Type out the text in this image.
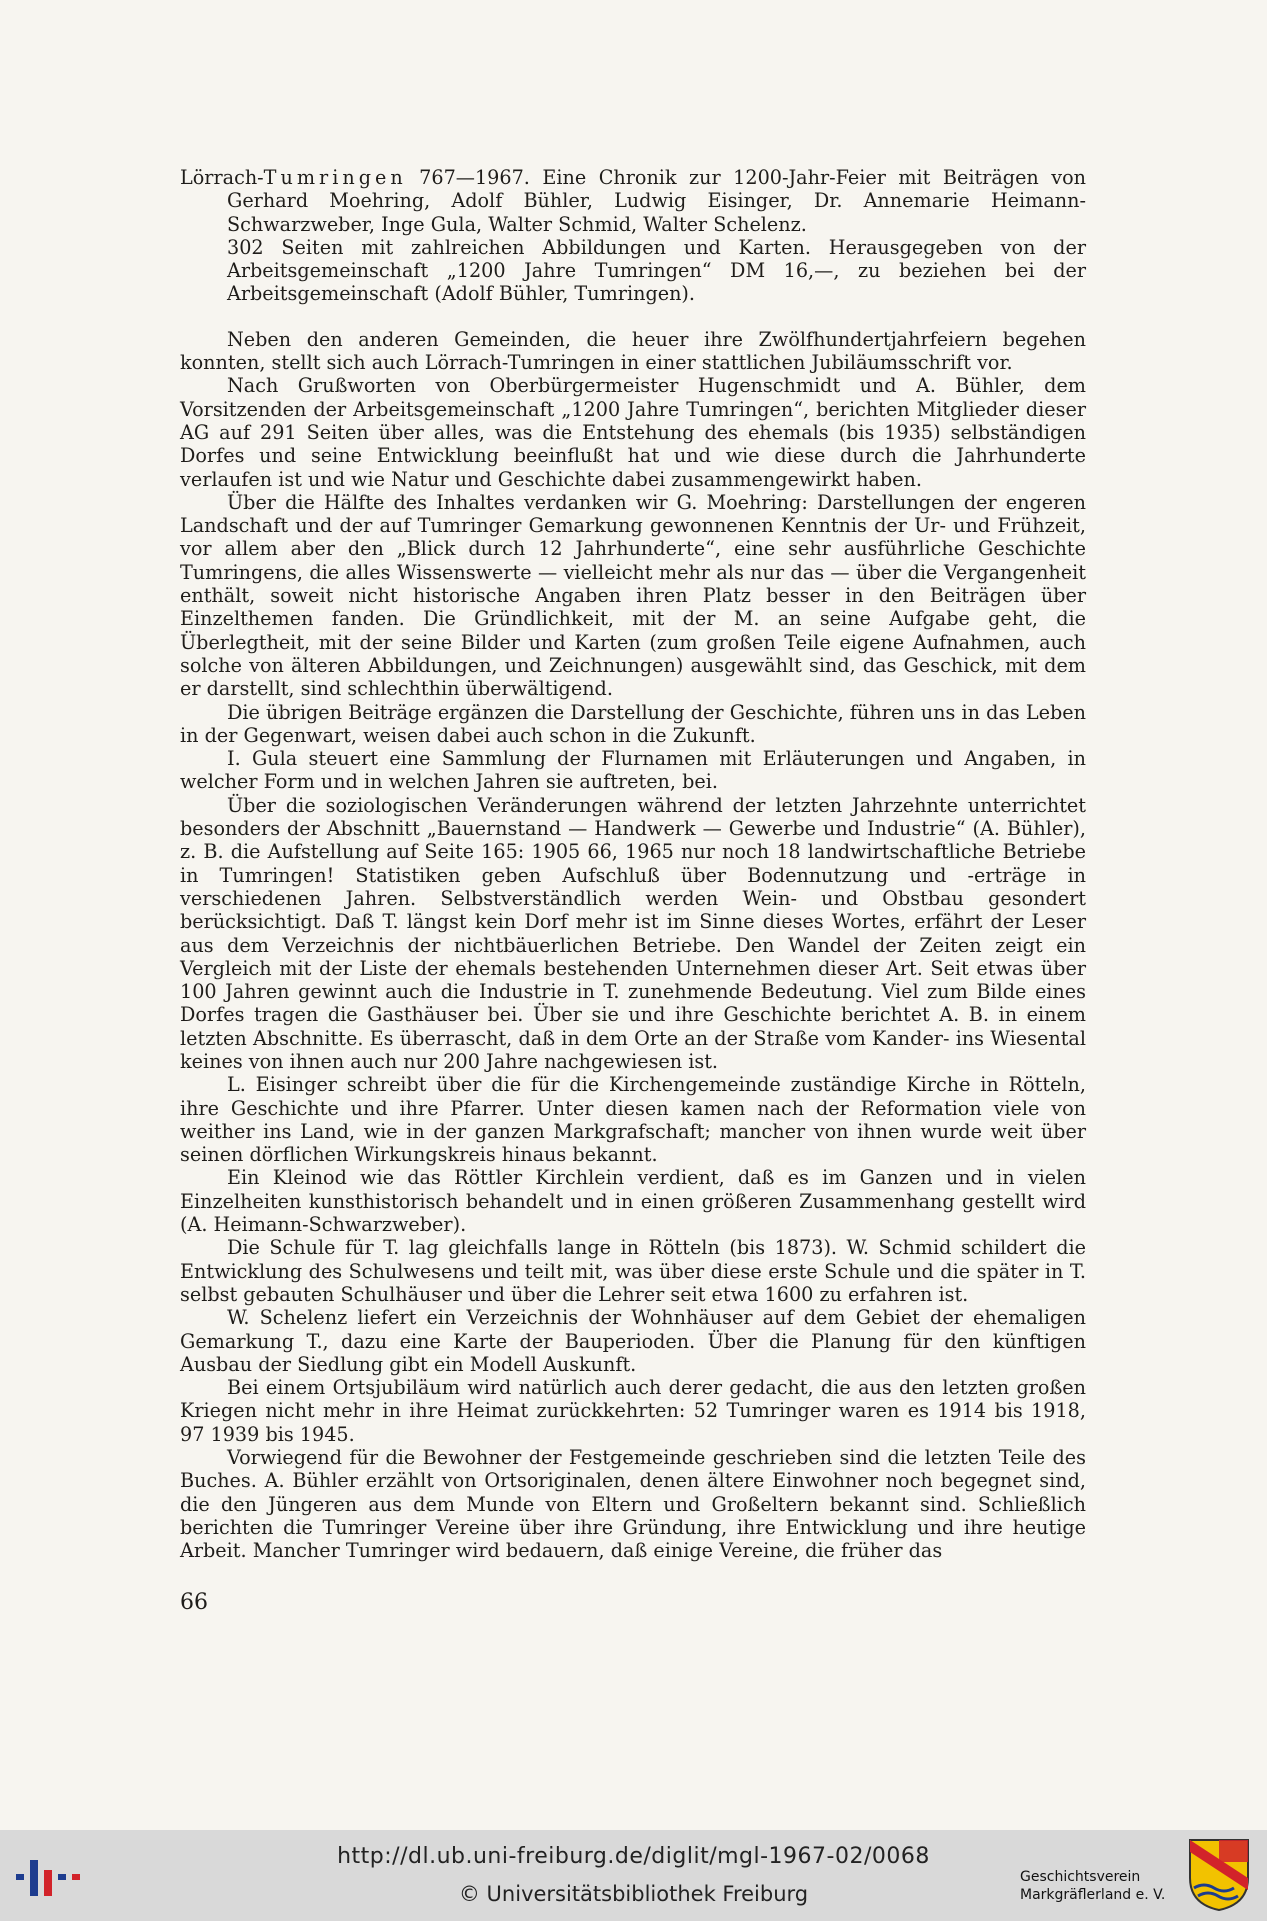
Lörrach-Tumringen 767—1967. Eine Chronik zur 1200-Jahr-Feier mit Beiträgen von Gerhard Moehring, Adolf Bühler, Ludwig Eisinger, Dr. Annemarie Heimann-Schwarzweber, Inge Gula, Walter Schmid, Walter Schelenz.

302 Seiten mit zahlreichen Abbildungen und Karten. Herausgegeben von der Arbeitsgemeinschaft „1200 Jahre Tumringen“ DM 16,—, zu beziehen bei der Arbeitsgemeinschaft (Adolf Bühler, Tumringen).

Neben den anderen Gemeinden, die heuer ihre Zwölfhundertjahrfeiern begehen konnten, stellt sich auch Lörrach-Tumringen in einer stattlichen Jubiläumsschrift vor.

Nach Grußworten von Oberbürgermeister Hugenschmidt und A. Bühler, dem Vorsitzenden der Arbeitsgemeinschaft „1200 Jahre Tumringen“, berichten Mitglieder dieser AG auf 291 Seiten über alles, was die Entstehung des ehemals (bis 1935) selbständigen Dorfes und seine Entwicklung beeinflußt hat und wie diese durch die Jahrhunderte verlaufen ist und wie Natur und Geschichte dabei zusammengewirkt haben.

Über die Hälfte des Inhaltes verdanken wir G. Moehring: Darstellungen der engeren Landschaft und der auf Tumringer Gemarkung gewonnenen Kenntnis der Ur- und Frühzeit, vor allem aber den „Blick durch 12 Jahrhunderte“, eine sehr ausführliche Geschichte Tumringens, die alles Wissenswerte — vielleicht mehr als nur das — über die Vergangenheit enthält, soweit nicht historische Angaben ihren Platz besser in den Beiträgen über Einzelthemen fanden. Die Gründlichkeit, mit der M. an seine Aufgabe geht, die Überlegtheit, mit der seine Bilder und Karten (zum großen Teile eigene Aufnahmen, auch solche von älteren Abbildungen, und Zeichnungen) ausgewählt sind, das Geschick, mit dem er darstellt, sind schlechthin überwältigend.

Die übrigen Beiträge ergänzen die Darstellung der Geschichte, führen uns in das Leben in der Gegenwart, weisen dabei auch schon in die Zukunft.

I. Gula steuert eine Sammlung der Flurnamen mit Erläuterungen und Angaben, in welcher Form und in welchen Jahren sie auftreten, bei.

Über die soziologischen Veränderungen während der letzten Jahrzehnte unterrichtet besonders der Abschnitt „Bauernstand — Handwerk — Gewerbe und Industrie“ (A. Bühler), z. B. die Aufstellung auf Seite 165: 1905 66, 1965 nur noch 18 landwirtschaftliche Betriebe in Tumringen! Statistiken geben Aufschluß über Bodennutzung und -erträge in verschiedenen Jahren. Selbstverständlich werden Wein- und Obstbau gesondert berücksichtigt. Daß T. längst kein Dorf mehr ist im Sinne dieses Wortes, erfährt der Leser aus dem Verzeichnis der nichtbäuerlichen Betriebe. Den Wandel der Zeiten zeigt ein Vergleich mit der Liste der ehemals bestehenden Unternehmen dieser Art. Seit etwas über 100 Jahren gewinnt auch die Industrie in T. zunehmende Bedeutung. Viel zum Bilde eines Dorfes tragen die Gasthäuser bei. Über sie und ihre Geschichte berichtet A. B. in einem letzten Abschnitte. Es überrascht, daß in dem Orte an der Straße vom Kander- ins Wiesental keines von ihnen auch nur 200 Jahre nachgewiesen ist.

L. Eisinger schreibt über die für die Kirchengemeinde zuständige Kirche in Rötteln, ihre Geschichte und ihre Pfarrer. Unter diesen kamen nach der Reformation viele von weither ins Land, wie in der ganzen Markgrafschaft; mancher von ihnen wurde weit über seinen dörflichen Wirkungskreis hinaus bekannt.

Ein Kleinod wie das Röttler Kirchlein verdient, daß es im Ganzen und in vielen Einzelheiten kunsthistorisch behandelt und in einen größeren Zusammenhang gestellt wird (A. Heimann-Schwarzweber).

Die Schule für T. lag gleichfalls lange in Rötteln (bis 1873). W. Schmid schildert die Entwicklung des Schulwesens und teilt mit, was über diese erste Schule und die später in T. selbst gebauten Schulhäuser und über die Lehrer seit etwa 1600 zu erfahren ist.

W. Schelenz liefert ein Verzeichnis der Wohnhäuser auf dem Gebiet der ehemaligen Gemarkung T., dazu eine Karte der Bauperioden. Über die Planung für den künftigen Ausbau der Siedlung gibt ein Modell Auskunft.

Bei einem Ortsjubiläum wird natürlich auch derer gedacht, die aus den letzten großen Kriegen nicht mehr in ihre Heimat zurückkehrten: 52 Tumringer waren es 1914 bis 1918, 97 1939 bis 1945.

Vorwiegend für die Bewohner der Festgemeinde geschrieben sind die letzten Teile des Buches. A. Bühler erzählt von Ortsoriginalen, denen ältere Einwohner noch begegnet sind, die den Jüngeren aus dem Munde von Eltern und Großeltern bekannt sind. Schließlich berichten die Tumringer Vereine über ihre Gründung, ihre Entwicklung und ihre heutige Arbeit. Mancher Tumringer wird bedauern, daß einige Vereine, die früher das

66
http://dl.ub.uni-freiburg.de/diglit/mgl-1967-02/0068
© Universitätsbibliothek Freiburg
Geschichtsverein
Markgräflerland e. V.
